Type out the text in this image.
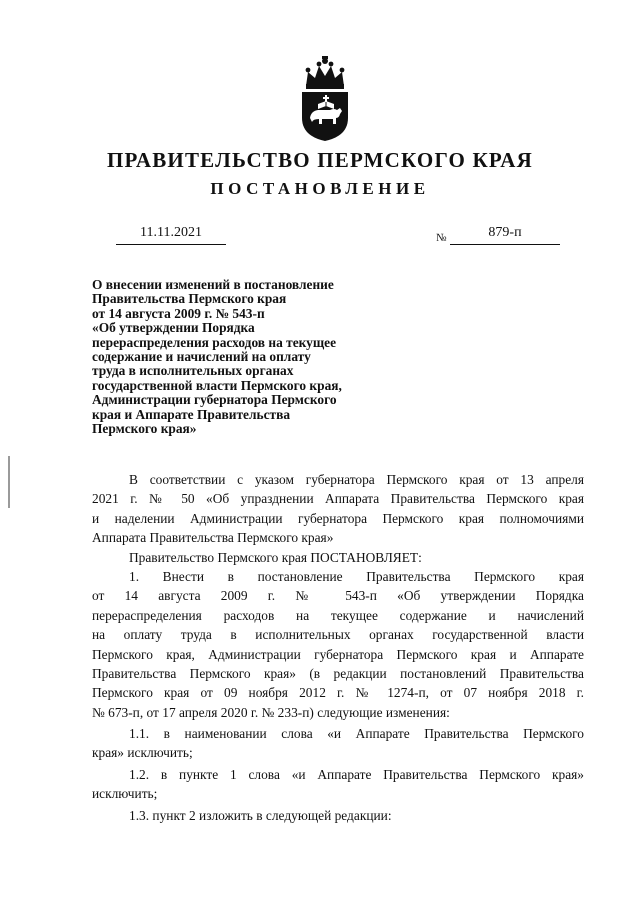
ПРАВИТЕЛЬСТВО ПЕРМСКОГО КРАЯ
ПОСТАНОВЛЕНИЕ
11.11.2021	№	879-п
О внесении изменений в постановление
Правительства Пермского края
от 14 августа 2009 г. № 543-п
«Об утверждении Порядка
перераспределения расходов на текущее
содержание и начислений на оплату
труда в исполнительных органах
государственной власти Пермского края,
Администрации губернатора Пермского
края и Аппарате Правительства
Пермского края»

В соответствии с указом губернатора Пермского края от 13 апреля
2021 г. № 50 «Об упразднении Аппарата Правительства Пермского края
и наделении Администрации губернатора Пермского края полномочиями
Аппарата Правительства Пермского края»

Правительство Пермского края ПОСТАНОВЛЯЕТ:

1. Внести в постановление Правительства Пермского края
от 14 августа 2009 г. № 543-п «Об утверждении Порядка
перераспределения расходов на текущее содержание и начислений
на оплату труда в исполнительных органах государственной власти
Пермского края, Администрации губернатора Пермского края и Аппарате
Правительства Пермского края» (в редакции постановлений Правительства
Пермского края от 09 ноября 2012 г. № 1274-п, от 07 ноября 2018 г.
№ 673-п, от 17 апреля 2020 г. № 233-п) следующие изменения:

1.1. в наименовании слова «и Аппарате Правительства Пермского
края» исключить;

1.2. в пункте 1 слова «и Аппарате Правительства Пермского края»
исключить;

1.3. пункт 2 изложить в следующей редакции:
